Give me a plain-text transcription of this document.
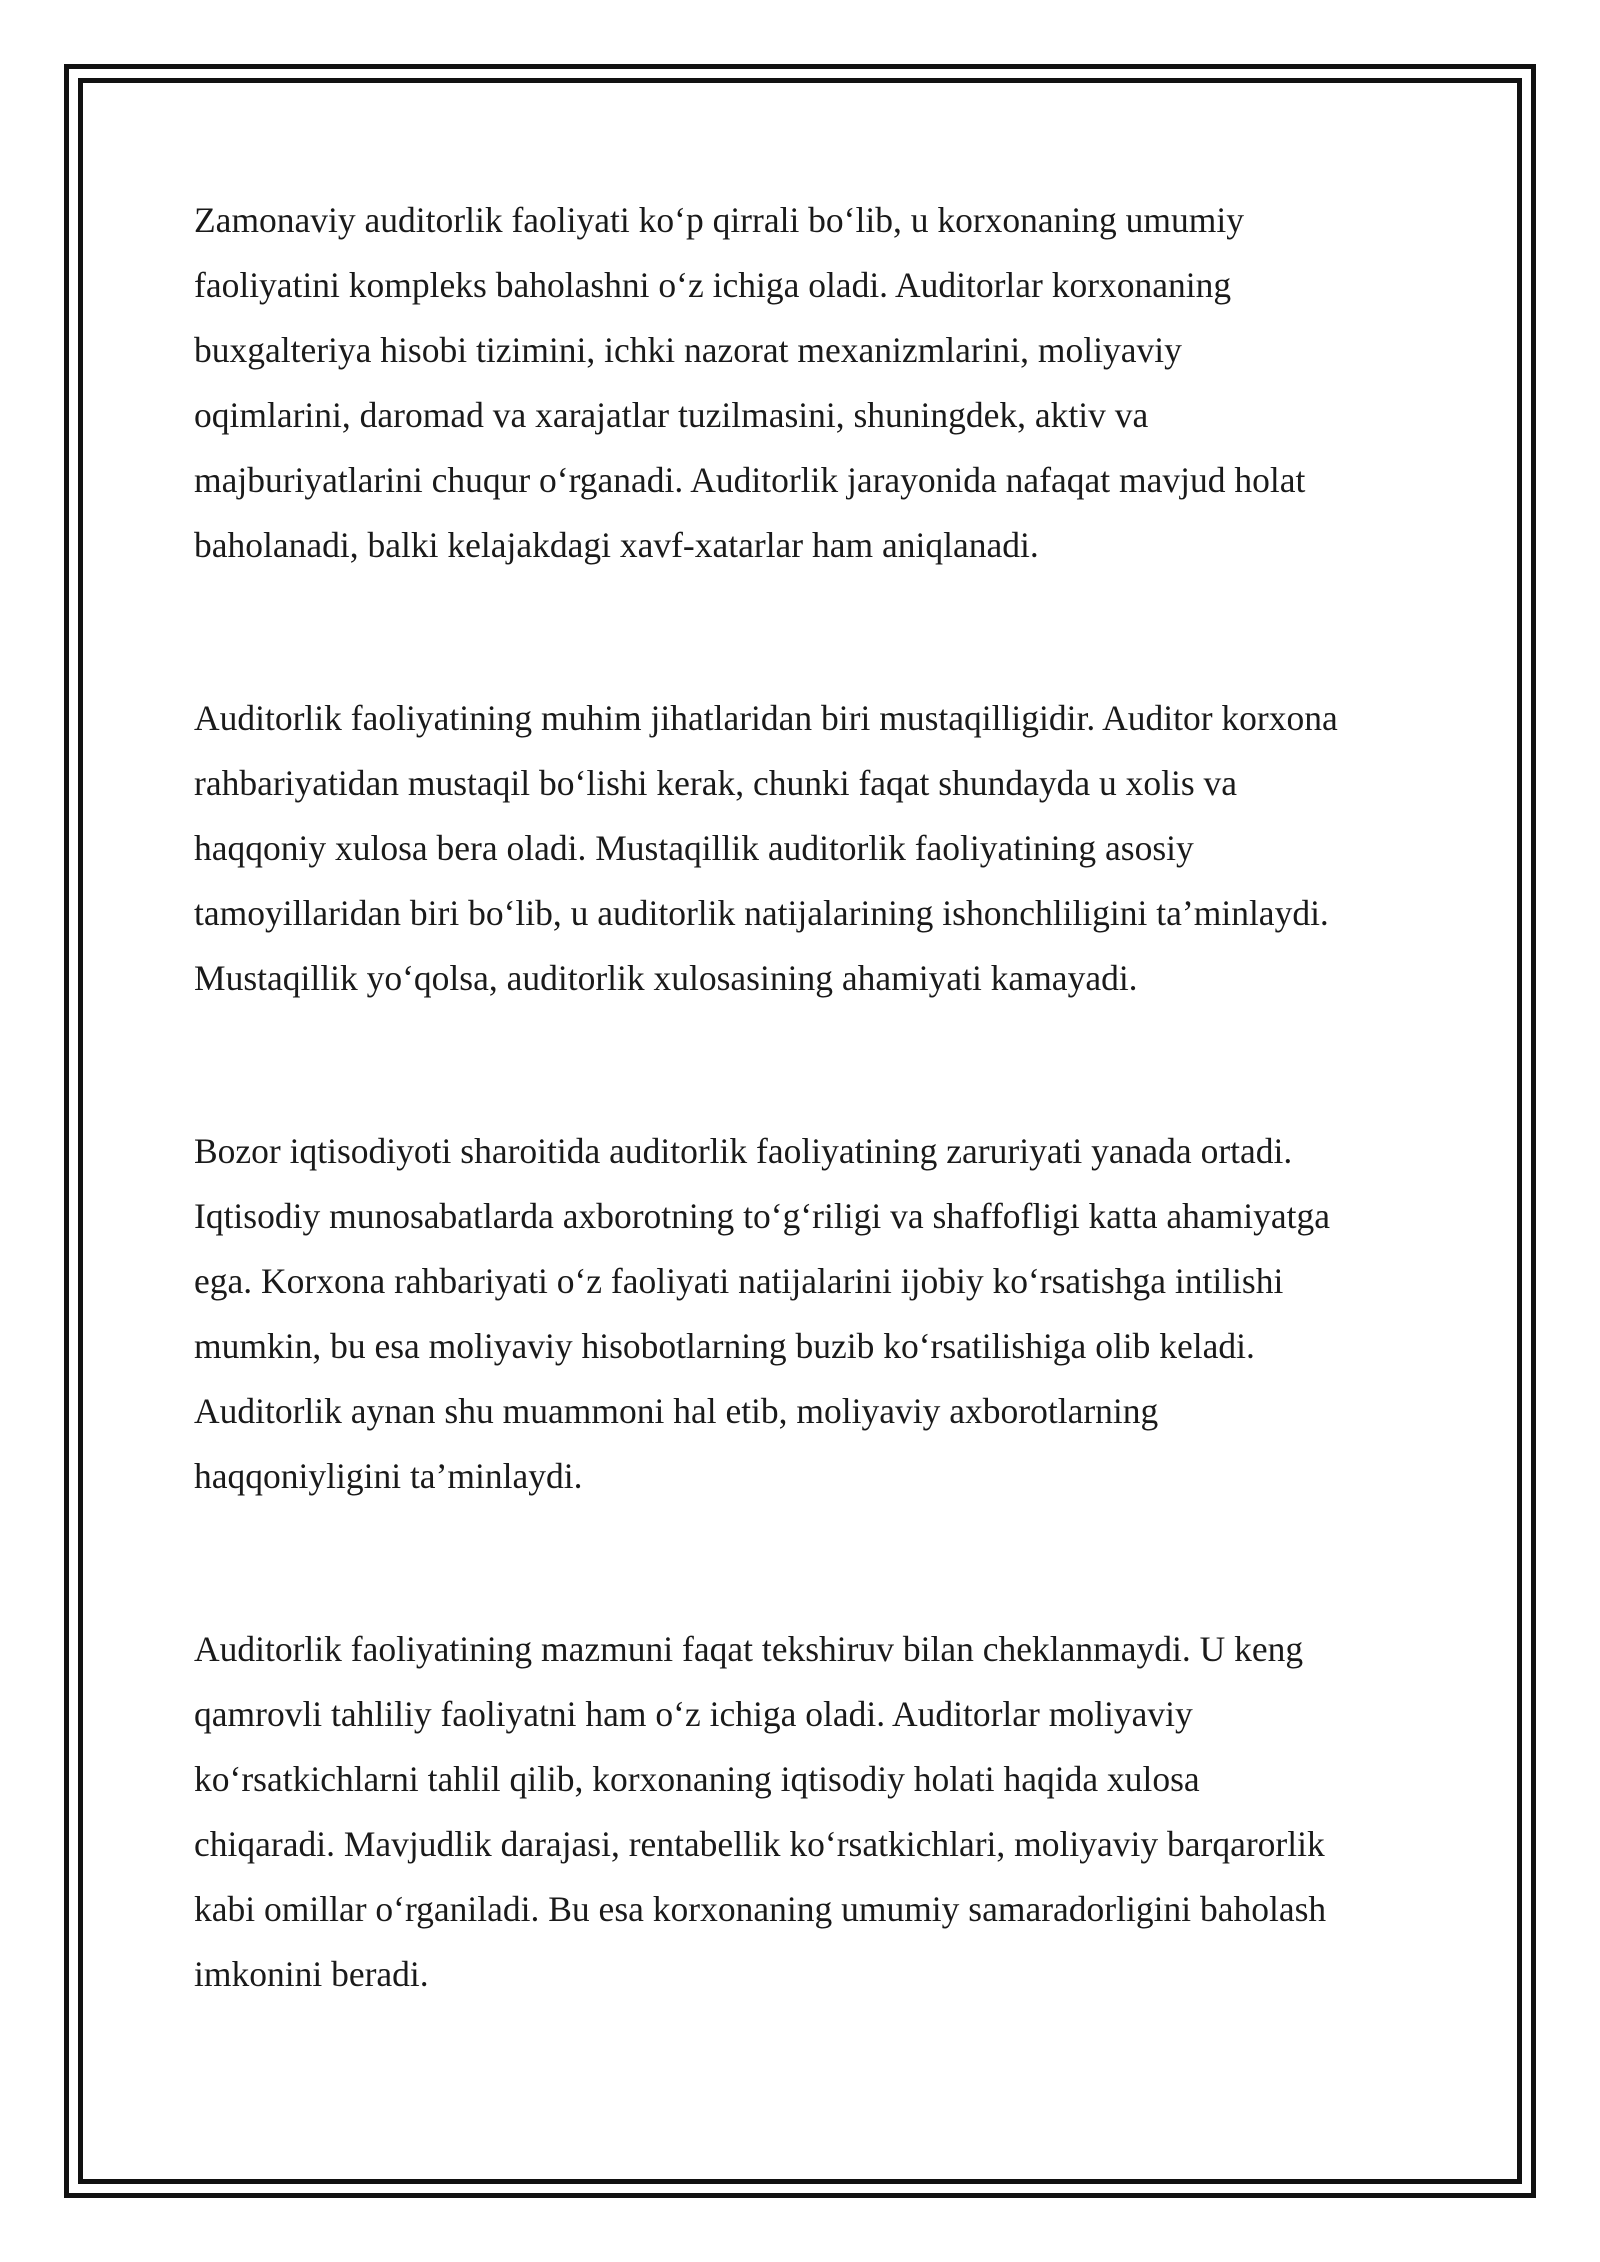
Zamonaviy auditorlik faoliyati ko‘p qirrali bo‘lib, u korxonaning umumiy
faoliyatini kompleks baholashni o‘z ichiga oladi. Auditorlar korxonaning
buxgalteriya hisobi tizimini, ichki nazorat mexanizmlarini, moliyaviy
oqimlarini, daromad va xarajatlar tuzilmasini, shuningdek, aktiv va
majburiyatlarini chuqur o‘rganadi. Auditorlik jarayonida nafaqat mavjud holat
baholanadi, balki kelajakdagi xavf-xatarlar ham aniqlanadi.

Auditorlik faoliyatining muhim jihatlaridan biri mustaqilligidir. Auditor korxona
rahbariyatidan mustaqil bo‘lishi kerak, chunki faqat shundayda u xolis va
haqqoniy xulosa bera oladi. Mustaqillik auditorlik faoliyatining asosiy
tamoyillaridan biri bo‘lib, u auditorlik natijalarining ishonchliligini ta’minlaydi.
Mustaqillik yo‘qolsa, auditorlik xulosasining ahamiyati kamayadi.

Bozor iqtisodiyoti sharoitida auditorlik faoliyatining zaruriyati yanada ortadi.
Iqtisodiy munosabatlarda axborotning to‘g‘riligi va shaffofligi katta ahamiyatga
ega. Korxona rahbariyati o‘z faoliyati natijalarini ijobiy ko‘rsatishga intilishi
mumkin, bu esa moliyaviy hisobotlarning buzib ko‘rsatilishiga olib keladi.
Auditorlik aynan shu muammoni hal etib, moliyaviy axborotlarning
haqqoniyligini ta’minlaydi.

Auditorlik faoliyatining mazmuni faqat tekshiruv bilan cheklanmaydi. U keng
qamrovli tahliliy faoliyatni ham o‘z ichiga oladi. Auditorlar moliyaviy
ko‘rsatkichlarni tahlil qilib, korxonaning iqtisodiy holati haqida xulosa
chiqaradi. Mavjudlik darajasi, rentabellik ko‘rsatkichlari, moliyaviy barqarorlik
kabi omillar o‘rganiladi. Bu esa korxonaning umumiy samaradorligini baholash
imkonini beradi.
